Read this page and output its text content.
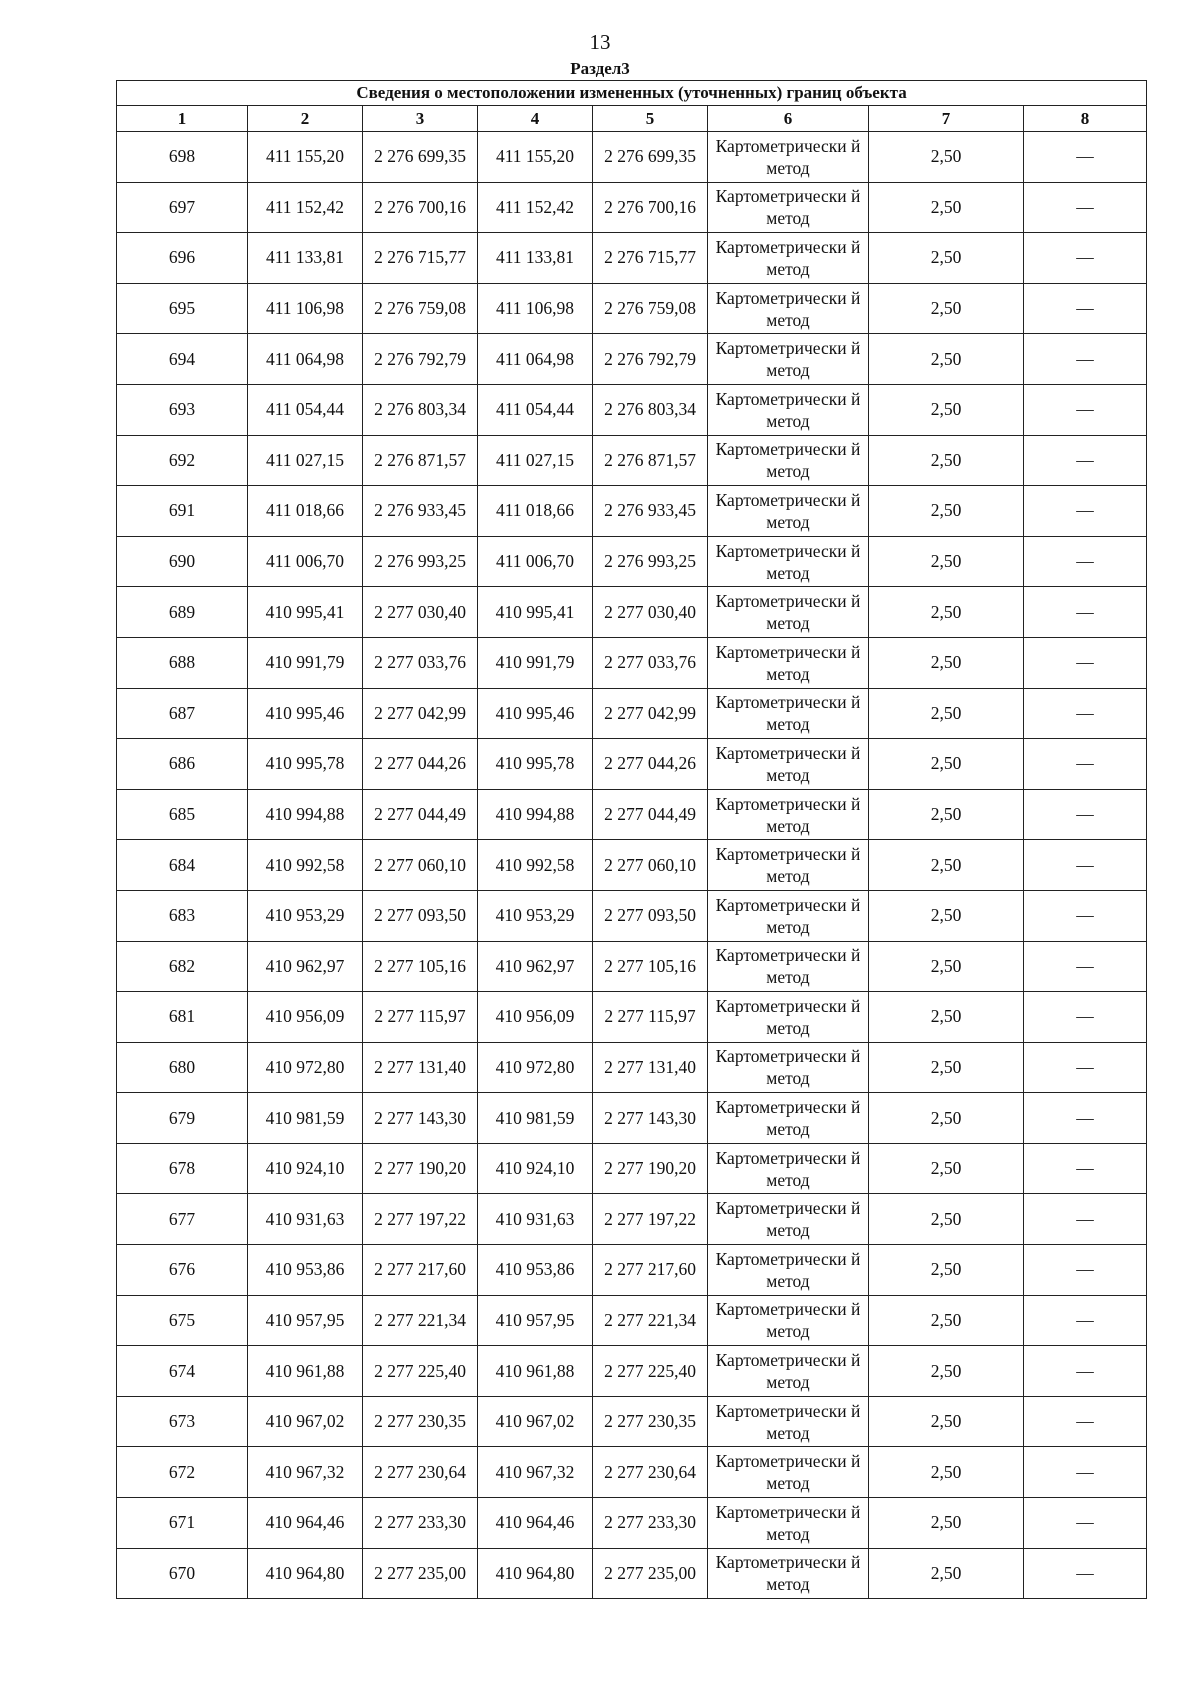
13
Раздел3
Сведения о местоположении измененных (уточненных) границ объекта							
1	2	3	4	5	6	7	8
698	411 155,20	2 276 699,35	411 155,20	2 276 699,35	Картометрически й метод	2,50	—
697	411 152,42	2 276 700,16	411 152,42	2 276 700,16	Картометрически й метод	2,50	—
696	411 133,81	2 276 715,77	411 133,81	2 276 715,77	Картометрически й метод	2,50	—
695	411 106,98	2 276 759,08	411 106,98	2 276 759,08	Картометрически й метод	2,50	—
694	411 064,98	2 276 792,79	411 064,98	2 276 792,79	Картометрически й метод	2,50	—
693	411 054,44	2 276 803,34	411 054,44	2 276 803,34	Картометрически й метод	2,50	—
692	411 027,15	2 276 871,57	411 027,15	2 276 871,57	Картометрически й метод	2,50	—
691	411 018,66	2 276 933,45	411 018,66	2 276 933,45	Картометрически й метод	2,50	—
690	411 006,70	2 276 993,25	411 006,70	2 276 993,25	Картометрически й метод	2,50	—
689	410 995,41	2 277 030,40	410 995,41	2 277 030,40	Картометрически й метод	2,50	—
688	410 991,79	2 277 033,76	410 991,79	2 277 033,76	Картометрически й метод	2,50	—
687	410 995,46	2 277 042,99	410 995,46	2 277 042,99	Картометрически й метод	2,50	—
686	410 995,78	2 277 044,26	410 995,78	2 277 044,26	Картометрически й метод	2,50	—
685	410 994,88	2 277 044,49	410 994,88	2 277 044,49	Картометрически й метод	2,50	—
684	410 992,58	2 277 060,10	410 992,58	2 277 060,10	Картометрически й метод	2,50	—
683	410 953,29	2 277 093,50	410 953,29	2 277 093,50	Картометрически й метод	2,50	—
682	410 962,97	2 277 105,16	410 962,97	2 277 105,16	Картометрически й метод	2,50	—
681	410 956,09	2 277 115,97	410 956,09	2 277 115,97	Картометрически й метод	2,50	—
680	410 972,80	2 277 131,40	410 972,80	2 277 131,40	Картометрически й метод	2,50	—
679	410 981,59	2 277 143,30	410 981,59	2 277 143,30	Картометрически й метод	2,50	—
678	410 924,10	2 277 190,20	410 924,10	2 277 190,20	Картометрически й метод	2,50	—
677	410 931,63	2 277 197,22	410 931,63	2 277 197,22	Картометрически й метод	2,50	—
676	410 953,86	2 277 217,60	410 953,86	2 277 217,60	Картометрически й метод	2,50	—
675	410 957,95	2 277 221,34	410 957,95	2 277 221,34	Картометрически й метод	2,50	—
674	410 961,88	2 277 225,40	410 961,88	2 277 225,40	Картометрически й метод	2,50	—
673	410 967,02	2 277 230,35	410 967,02	2 277 230,35	Картометрически й метод	2,50	—
672	410 967,32	2 277 230,64	410 967,32	2 277 230,64	Картометрически й метод	2,50	—
671	410 964,46	2 277 233,30	410 964,46	2 277 233,30	Картометрически й метод	2,50	—
670	410 964,80	2 277 235,00	410 964,80	2 277 235,00	Картометрически й метод	2,50	—
